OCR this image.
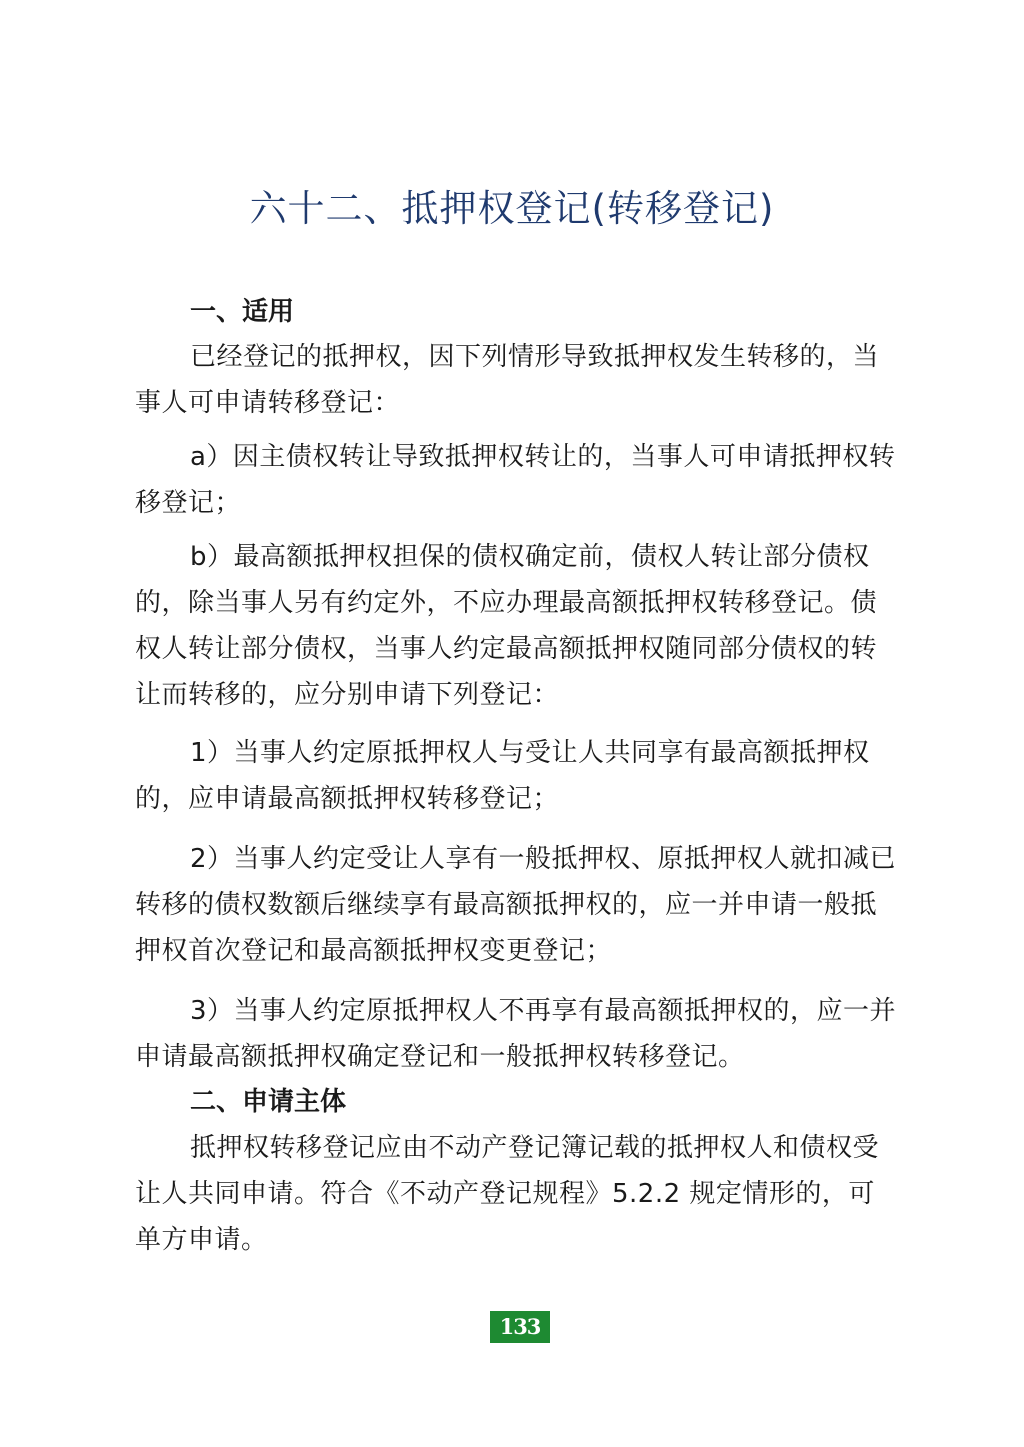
六十二、抵押权登记(转移登记)

一、适用

已经登记的抵押权，因下列情形导致抵押权发生转移的，当事人可申请转移登记：

a）因主债权转让导致抵押权转让的，当事人可申请抵押权转移登记；

b）最高额抵押权担保的债权确定前，债权人转让部分债权的，除当事人另有约定外，不应办理最高额抵押权转移登记。债权人转让部分债权，当事人约定最高额抵押权随同部分债权的转让而转移的，应分别申请下列登记：

1）当事人约定原抵押权人与受让人共同享有最高额抵押权的，应申请最高额抵押权转移登记；

2）当事人约定受让人享有一般抵押权、原抵押权人就扣减已转移的债权数额后继续享有最高额抵押权的，应一并申请一般抵押权首次登记和最高额抵押权变更登记；

3）当事人约定原抵押权人不再享有最高额抵押权的，应一并申请最高额抵押权确定登记和一般抵押权转移登记。

二、申请主体

抵押权转移登记应由不动产登记簿记载的抵押权人和债权受让人共同申请。符合《不动产登记规程》5.2.2 规定情形的，可单方申请。

133
